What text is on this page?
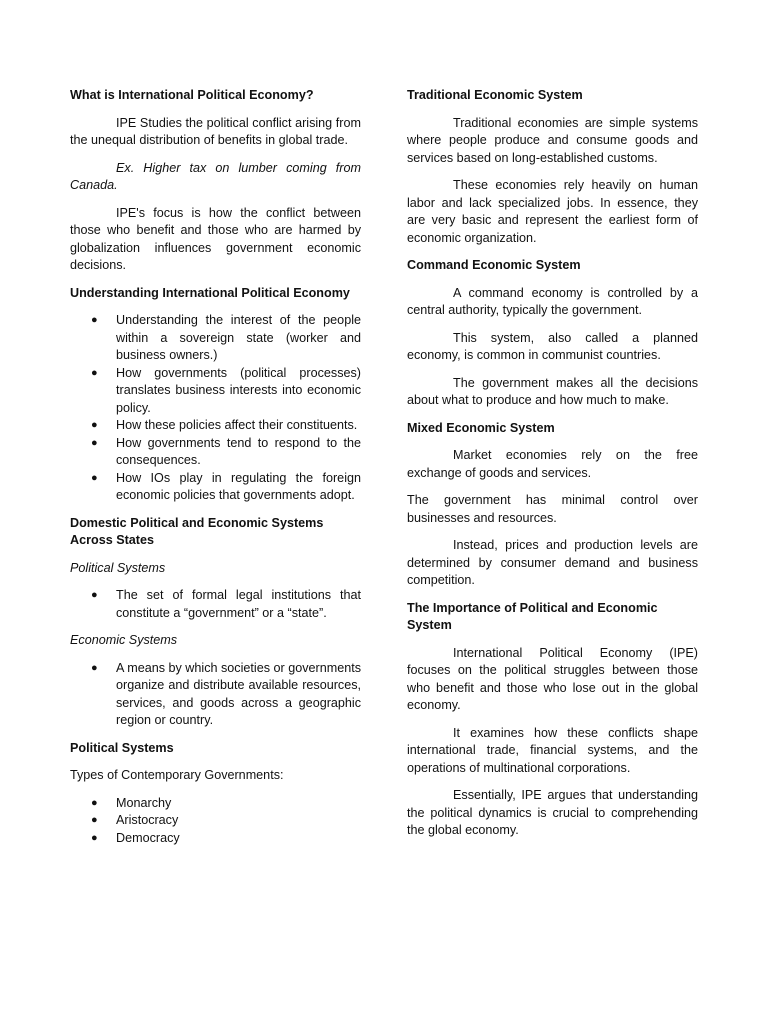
What is International Political Economy?

IPE Studies the political conflict arising from the unequal distribution of benefits in global trade.

Ex. Higher tax on lumber coming from Canada.

IPE's focus is how the conflict between those who benefit and those who are harmed by globalization influences government economic decisions.

Understanding International Political Economy
● Understanding the interest of the people within a sovereign state (worker and business owners.)
● How governments (political processes) translates business interests into economic policy.
● How these policies affect their constituents.
● How governments tend to respond to the consequences.
● How IOs play in regulating the foreign economic policies that governments adopt.
Domestic Political and Economic Systems Across States

Political Systems

● The set of formal legal institutions that constitute a “government” or a “state”.

Economic Systems

● A means by which societies or governments organize and distribute available resources, services, and goods across a geographic region or country.
Political Systems

Types of Contemporary Governments:

● Monarchy
● Aristocracy
● Democracy
Traditional Economic System

Traditional economies are simple systems where people produce and consume goods and services based on long-established customs.

These economies rely heavily on human labor and lack specialized jobs. In essence, they are very basic and represent the earliest form of economic organization.

Command Economic System

A command economy is controlled by a central authority, typically the government.

This system, also called a planned economy, is common in communist countries.

The government makes all the decisions about what to produce and how much to make.

Mixed Economic System

Market economies rely on the free exchange of goods and services.

The government has minimal control over businesses and resources.

Instead, prices and production levels are determined by consumer demand and business competition.

The Importance of Political and Economic System

International Political Economy (IPE) focuses on the political struggles between those who benefit and those who lose out in the global economy.

It examines how these conflicts shape international trade, financial systems, and the operations of multinational corporations.

Essentially, IPE argues that understanding the political dynamics is crucial to comprehending the global economy.
